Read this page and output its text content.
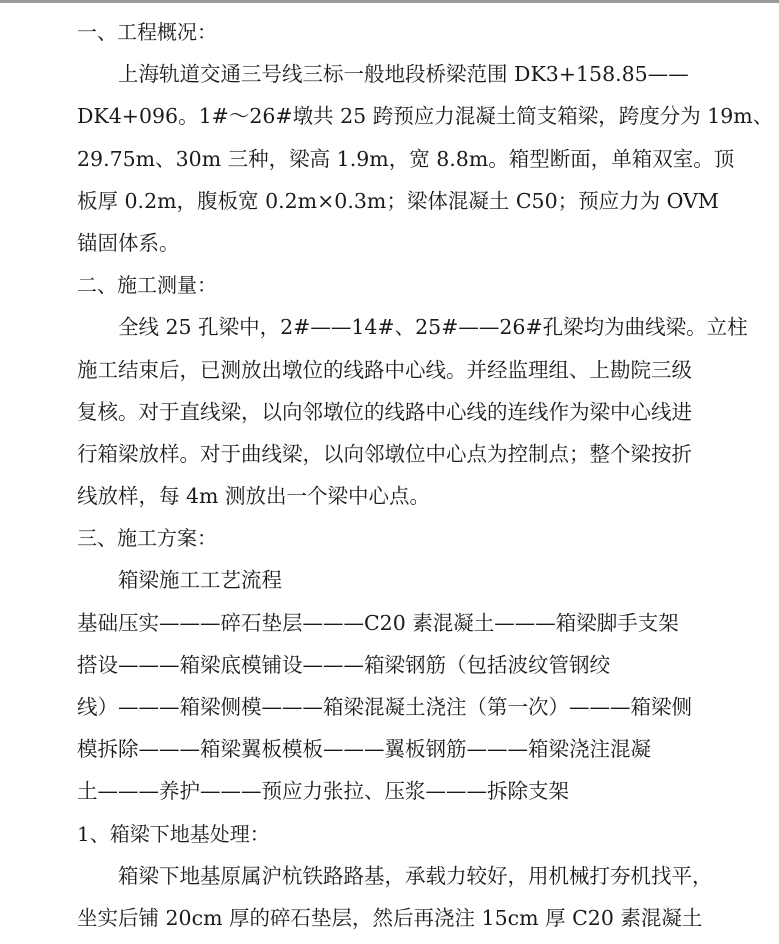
一、工程概况：
上海轨道交通三号线三标一般地段桥梁范围 DK3+158.85——
DK4+096。1#～26#墩共 25 跨预应力混凝土简支箱梁，跨度分为 19m、
29.75m、30m 三种，梁高 1.9m，宽 8.8m。箱型断面，单箱双室。顶
板厚 0.2m，腹板宽 0.2m×0.3m；梁体混凝土 C50；预应力为 OVM
锚固体系。
二、施工测量：
全线 25 孔梁中，2#——14#、25#——26#孔梁均为曲线梁。立柱
施工结束后，已测放出墩位的线路中心线。并经监理组、上勘院三级
复核。对于直线梁，以向邻墩位的线路中心线的连线作为梁中心线进
行箱梁放样。对于曲线梁，以向邻墩位中心点为控制点；整个梁按折
线放样，每 4m 测放出一个梁中心点。
三、施工方案：
箱梁施工工艺流程
基础压实———碎石垫层———C20 素混凝土———箱梁脚手支架
搭设———箱梁底模铺设———箱梁钢筋（包括波纹管钢绞
线）———箱梁侧模———箱梁混凝土浇注（第一次）———箱梁侧
模拆除———箱梁翼板模板———翼板钢筋———箱梁浇注混凝
土———养护———预应力张拉、压浆———拆除支架
1、箱梁下地基处理：
箱梁下地基原属沪杭铁路路基，承载力较好，用机械打夯机找平，
坐实后铺 20cm 厚的碎石垫层，然后再浇注 15cm 厚 C20 素混凝土
